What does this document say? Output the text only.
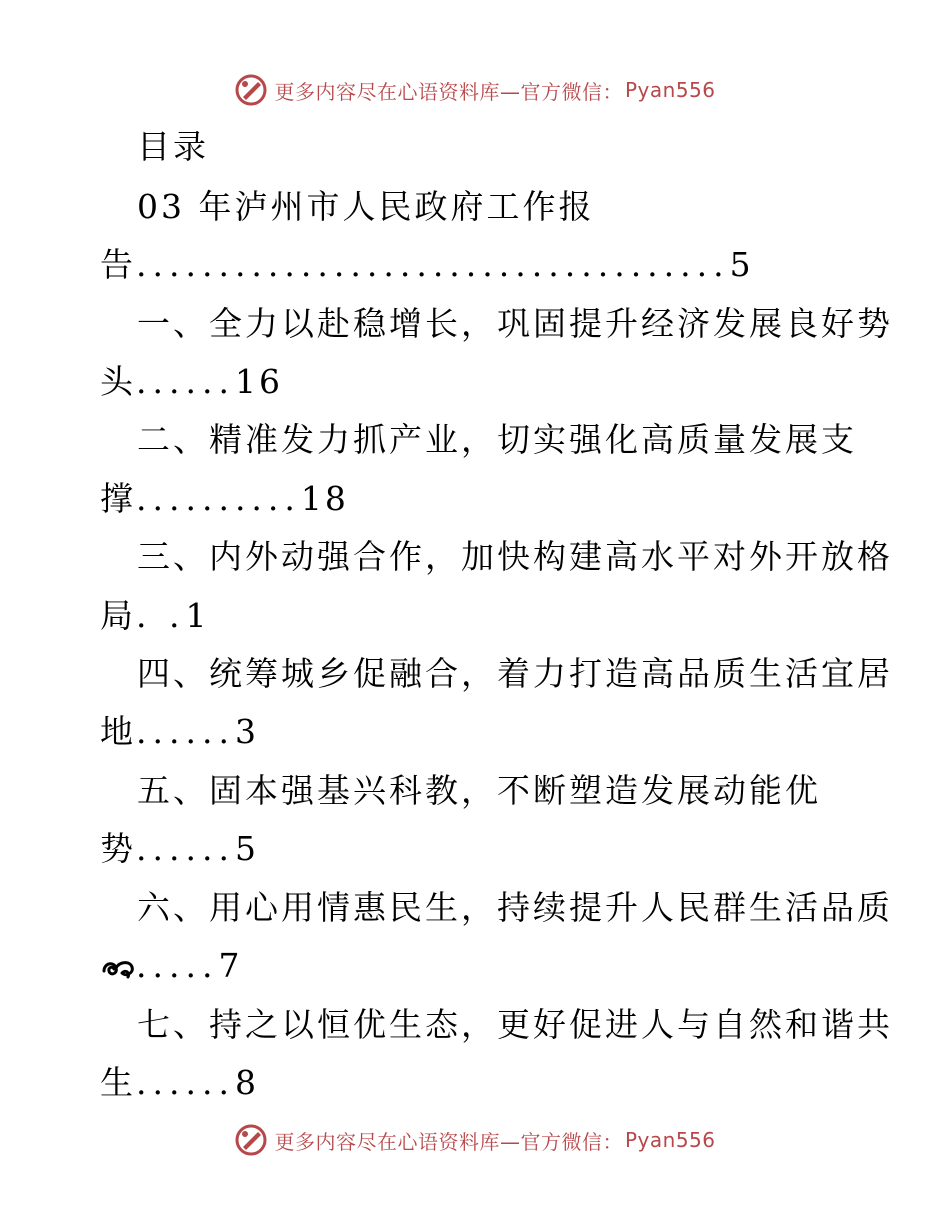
更多内容尽在心语资料库—官方微信： Pyan556
目录
03 年泸州市人民政府工作报
告....................................5
一、全力以赴稳增长，巩固提升经济发展良好势
头......16
二、精准发力抓产业，切实强化高质量发展支
撑..........18
三、内外动强合作，加快构建高水平对外开放格
局. .1
四、统筹城乡促融合，着力打造高品质生活宜居
地......3
五、固本强基兴科教，不断塑造发展动能优
势......5
六、用心用情惠民生，持续提升人民群生活品质
.....7
七、持之以恒优生态，更好促进人与自然和谐共
生......8
更多内容尽在心语资料库—官方微信： Pyan556
